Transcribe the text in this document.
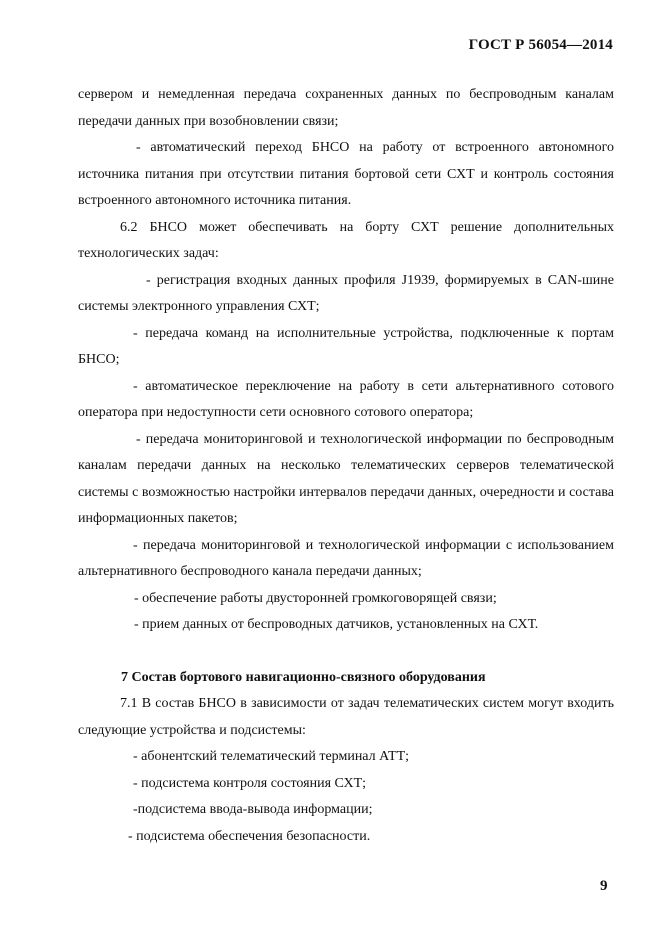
ГОСТ Р 56054—2014

сервером и немедленная передача сохраненных данных по беспроводным каналам передачи данных при возобновлении связи;

- автоматический переход БНСО на работу от встроенного автономного источника питания при отсутствии питания бортовой сети СХТ и контроль состояния встроенного автономного источника питания.

6.2 БНСО может обеспечивать на борту СХТ решение дополнительных технологических задач:

- регистрация входных данных профиля J1939, формируемых в CAN-шине системы электронного управления СХТ;

- передача команд на исполнительные устройства, подключенные к портам БНСО;

- автоматическое переключение на работу в сети альтернативного сотового оператора при недоступности сети основного сотового оператора;

- передача мониторинговой и технологической информации по беспроводным каналам передачи данных на несколько телематических серверов телематической системы с возможностью настройки интервалов передачи данных, очередности и состава информационных пакетов;

- передача мониторинговой и технологической информации с использованием альтернативного беспроводного канала передачи данных;

- обеспечение работы двусторонней громкоговорящей связи;

- прием данных от беспроводных датчиков, установленных на СХТ.

7 Состав бортового навигационно-связного оборудования

7.1 В состав БНСО в зависимости от задач телематических систем могут входить следующие устройства и подсистемы:

- абонентский телематический терминал АТТ;

- подсистема контроля состояния СХТ;

-подсистема ввода-вывода информации;

- подсистема обеспечения безопасности.

9
